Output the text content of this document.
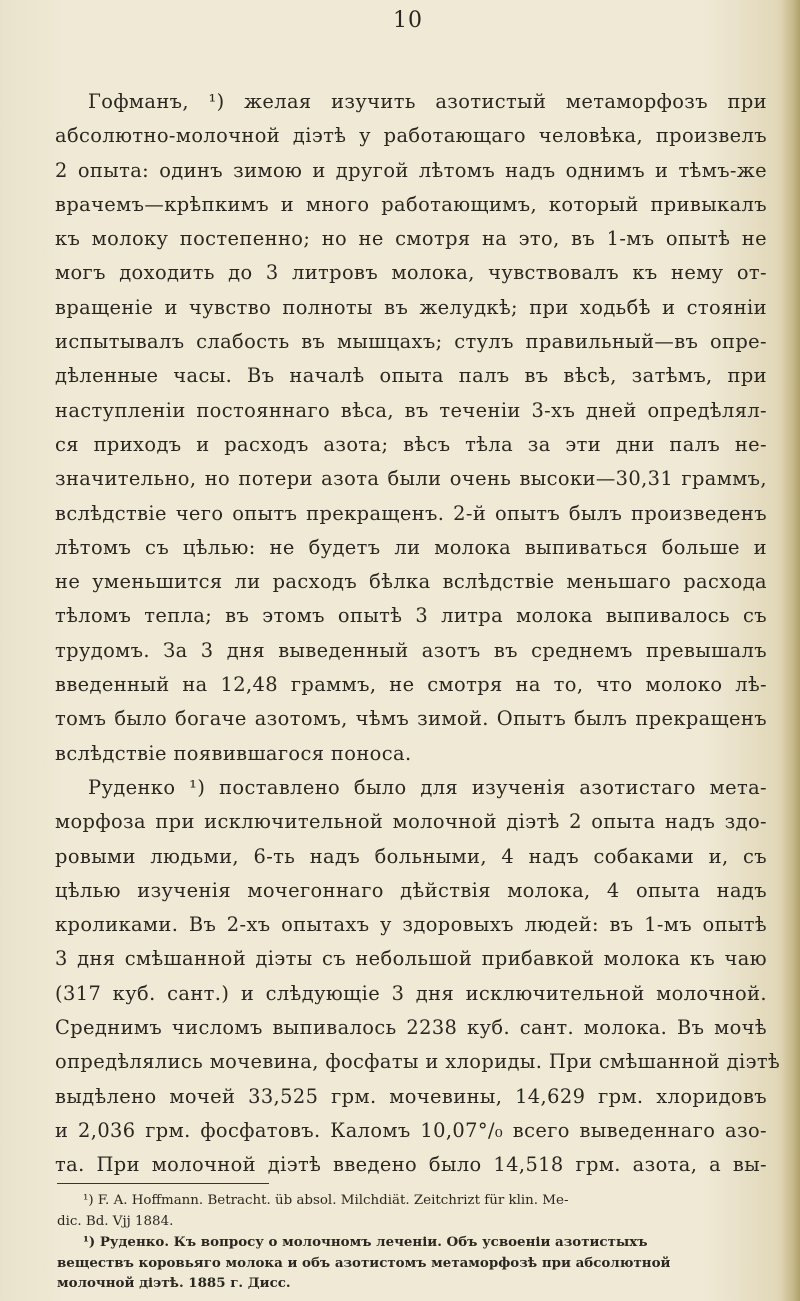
10
Гофманъ, ¹) желая изучить азотистый метаморфозъ при
абсолютно-молочной діэтѣ у работающаго человѣка, произвелъ
2 опыта: одинъ зимою и другой лѣтомъ надъ однимъ и тѣмъ-же
врачемъ—крѣпкимъ и много работающимъ, который привыкалъ
къ молоку постепенно; но не смотря на это, въ 1-мъ опытѣ не
могъ доходить до 3 литровъ молока, чувствовалъ къ нему от-
вращеніе и чувство полноты въ желудкѣ; при ходьбѣ и стояніи
испытывалъ слабость въ мышцахъ; стулъ правильный—въ опре-
дѣленные часы. Въ началѣ опыта палъ въ вѣсѣ, затѣмъ, при
наступленіи постояннаго вѣса, въ теченіи 3-хъ дней опредѣлял-
ся приходъ и расходъ азота; вѣсъ тѣла за эти дни палъ не-
значительно, но потери азота были очень высоки—30,31 граммъ,
вслѣдствіе чего опытъ прекращенъ. 2-й опытъ былъ произведенъ
лѣтомъ съ цѣлью: не будетъ ли молока выпиваться больше и
не уменьшится ли расходъ бѣлка вслѣдствіе меньшаго расхода
тѣломъ тепла; въ этомъ опытѣ 3 литра молока выпивалось съ
трудомъ. За 3 дня выведенный азотъ въ среднемъ превышалъ
введенный на 12,48 граммъ, не смотря на то, что молоко лѣ-
томъ было богаче азотомъ, чѣмъ зимой. Опытъ былъ прекращенъ
вслѣдствіе появившагося поноса.
Руденко ¹) поставлено было для изученія азотистаго мета-
морфоза при исключительной молочной діэтѣ 2 опыта надъ здо-
ровыми людьми, 6-ть надъ больными, 4 надъ собаками и, съ
цѣлью изученія мочегоннаго дѣйствія молока, 4 опыта надъ
кроликами. Въ 2-хъ опытахъ у здоровыхъ людей: въ 1-мъ опытѣ
3 дня смѣшанной діэты съ небольшой прибавкой молока къ чаю
(317 куб. сант.) и слѣдующіе 3 дня исключительной молочной.
Среднимъ числомъ выпивалось 2238 куб. сант. молока. Въ мочѣ
опредѣлялись мочевина, фосфаты и хлориды. При смѣшанной діэтѣ
выдѣлено мочей 33,525 грм. мочевины, 14,629 грм. хлоридовъ
и 2,036 грм. фосфатовъ. Каломъ 10,07°/₀ всего выведеннаго азо-
та. При молочной діэтѣ введено было 14,518 грм. азота, а вы-
¹) F. A. Hoffmann. Betracht. üb absol. Milchdiät. Zeitchrizt für klin. Me-
dic. Bd. Vjj 1884.
¹) Руденко. Къ вопросу о молочномъ леченіи. Объ усвоеніи азотистыхъ
веществъ коровьяго молока и объ азотистомъ метаморфозѣ при абсолютной
молочной діэтѣ. 1885 г. Дисс.
